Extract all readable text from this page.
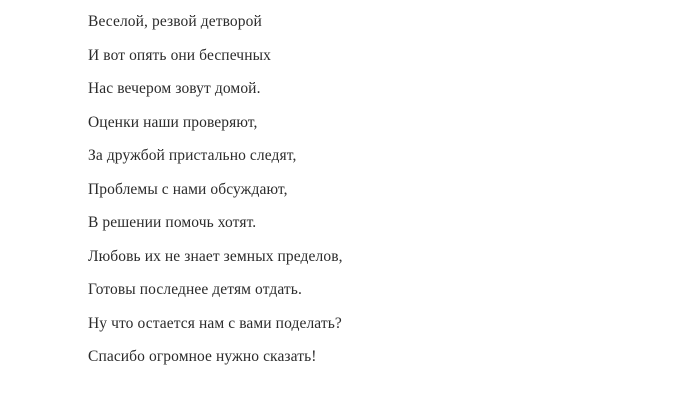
Веселой, резвой детворой
И вот опять они беспечных
Нас вечером зовут домой.
Оценки наши проверяют,
За дружбой пристально следят,
Проблемы с нами обсуждают,
В решении помочь хотят.
Любовь их не знает земных пределов,
Готовы последнее детям отдать.
Ну что остается нам с вами поделать?
Спасибо огромное нужно сказать!
